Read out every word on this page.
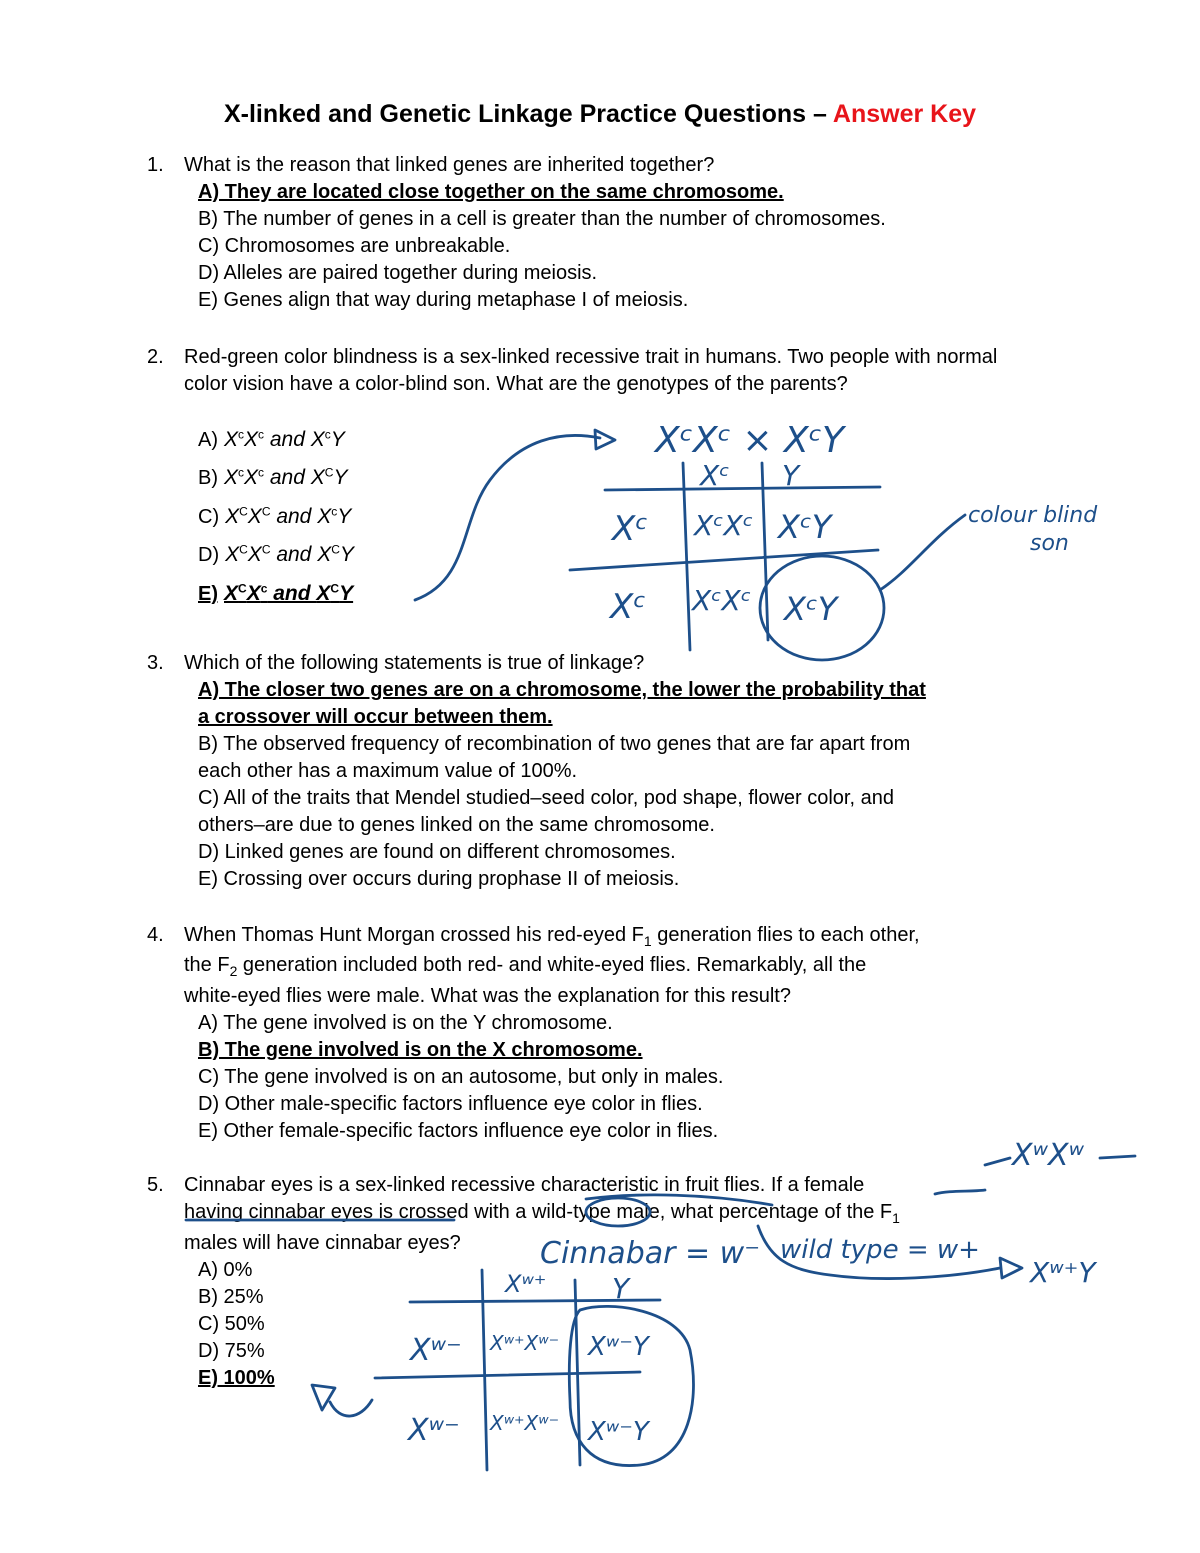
X-linked and Genetic Linkage Practice Questions – Answer Key
1. What is the reason that linked genes are inherited together?
A) They are located close together on the same chromosome.
B) The number of genes in a cell is greater than the number of chromosomes.
C) Chromosomes are unbreakable.
D) Alleles are paired together during meiosis.
E) Genes align that way during metaphase I of meiosis.
2. Red-green color blindness is a sex-linked recessive trait in humans. Two people with normal color vision have a color-blind son. What are the genotypes of the parents?
A) $X^cX^c$ and $X^cY$
B) $X^cX^c$ and $X^CY$
C) $X^CX^C$ and $X^cY$
D) $X^CX^C$ and $X^CY$
E) $X^CX^c$ and $X^CY$
3. Which of the following statements is true of linkage?
A) The closer two genes are on a chromosome, the lower the probability that
a crossover will occur between them.
B) The observed frequency of recombination of two genes that are far apart from
each other has a maximum value of 100%.
C) All of the traits that Mendel studied–seed color, pod shape, flower color, and
others–are due to genes linked on the same chromosome.
D) Linked genes are found on different chromosomes.
E) Crossing over occurs during prophase II of meiosis.
4. When Thomas Hunt Morgan crossed his red-eyed $F_1$ generation flies to each other,
the $F_2$ generation included both red- and white-eyed flies. Remarkably, all the
white-eyed flies were male. What was the explanation for this result?
A) The gene involved is on the Y chromosome.
B) The gene involved is on the X chromosome.
C) The gene involved is on an autosome, but only in males.
D) Other male-specific factors influence eye color in flies.
E) Other female-specific factors influence eye color in flies.
5. Cinnabar eyes is a sex-linked recessive characteristic in fruit flies. If a female
having cinnabar eyes is crossed with a wild-type male, what percentage of the $F_1$
males will have cinnabar eyes?
A) 0%
B) 25%
C) 50%
D) 75%
E) 100%
XᶜXᶜ × XᶜY
Xᶜ Y
Xᶜ
Xᶜ
XᶜXᶜ XᶜY
XᶜXᶜ XᶜY
colour blind
son
XʷXʷ
Xʷ⁺Y
Cinnabar = w⁻ wild type = w+
Xʷ⁺ Y
Xʷ⁻
Xʷ⁻
Xʷ⁺Xʷ⁻ Xʷ⁻Y
Xʷ⁺Xʷ⁻ Xʷ⁻Y
